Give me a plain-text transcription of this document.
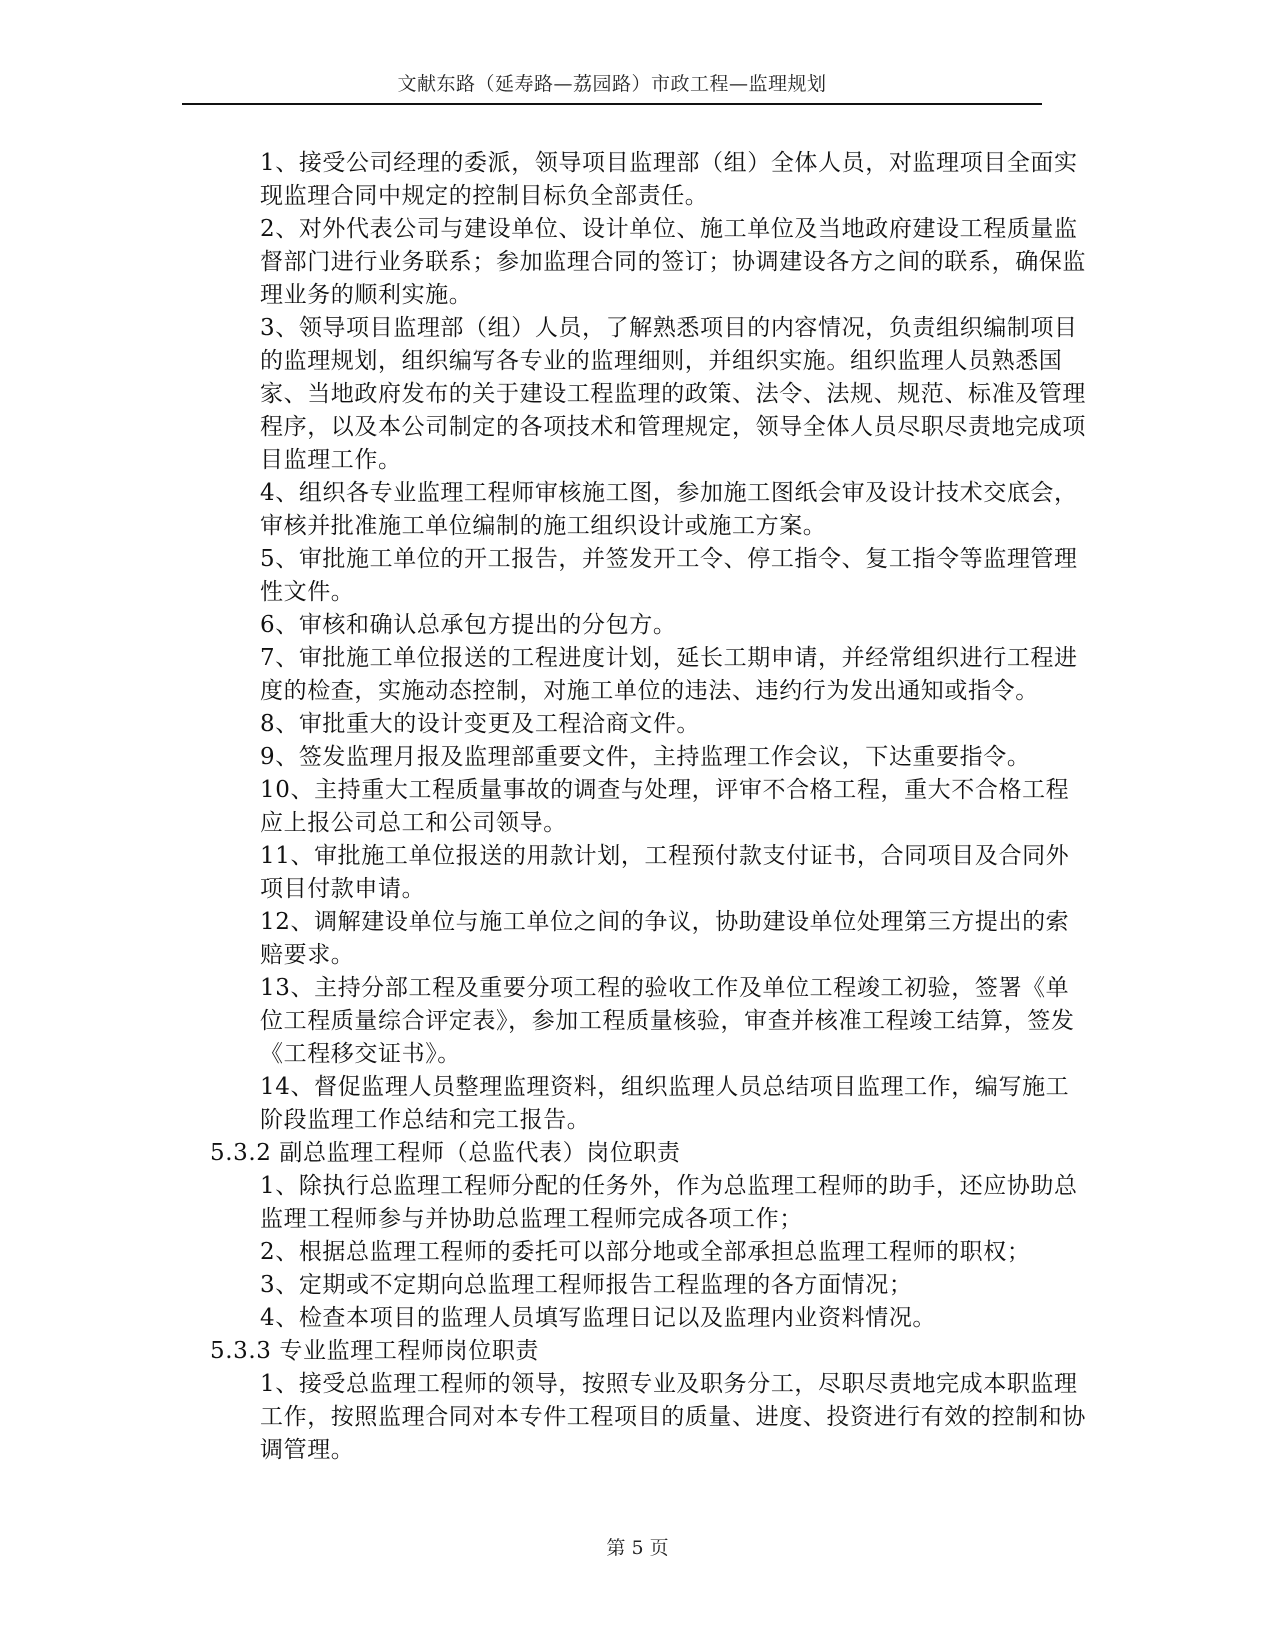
文献东路（延寿路—荔园路）市政工程—监理规划
1、接受公司经理的委派，领导项目监理部（组）全体人员，对监理项目全面实 现监理合同中规定的控制目标负全部责任。
2、对外代表公司与建设单位、设计单位、施工单位及当地政府建设工程质量监督部门进行业务联系；参加监理合同的签订；协调建设各方之间的联系，确保监理业务的顺利实施。
3、领导项目监理部（组）人员，了解熟悉项目的内容情况，负责组织编制项目的监理规划，组织编写各专业的监理细则，并组织实施。组织监理人员熟悉国家、当地政府发布的关于建设工程监理的政策、法令、法规、规范、标准及管理程序，以及本公司制定的各项技术和管理规定，领导全体人员尽职尽责地完成项目监理工作。
4、组织各专业监理工程师审核施工图，参加施工图纸会审及设计技术交底会，审核并批准施工单位编制的施工组织设计或施工方案。
5、审批施工单位的开工报告，并签发开工令、停工指令、复工指令等监理管理性文件。
6、审核和确认总承包方提出的分包方。
7、审批施工单位报送的工程进度计划，延长工期申请，并经常组织进行工程进度的检查，实施动态控制，对施工单位的违法、违约行为发出通知或指令。
8、审批重大的设计变更及工程洽商文件。
9、签发监理月报及监理部重要文件，主持监理工作会议，下达重要指令。
10、主持重大工程质量事故的调查与处理，评审不合格工程，重大不合格工程应上报公司总工和公司领导。
11、审批施工单位报送的用款计划，工程预付款支付证书，合同项目及合同外项目付款申请。
12、调解建设单位与施工单位之间的争议，协助建设单位处理第三方提出的索赔要求。
13、主持分部工程及重要分项工程的验收工作及单位工程竣工初验，签署《单位工程质量综合评定表》，参加工程质量核验，审查并核准工程竣工结算，签发《工程移交证书》。
14、督促监理人员整理监理资料，组织监理人员总结项目监理工作，编写施工阶段监理工作总结和完工报告。
5.3.2 副总监理工程师（总监代表）岗位职责
1、除执行总监理工程师分配的任务外，作为总监理工程师的助手，还应协助总监理工程师参与并协助总监理工程师完成各项工作；
2、根据总监理工程师的委托可以部分地或全部承担总监理工程师的职权；
3、定期或不定期向总监理工程师报告工程监理的各方面情况；
4、检查本项目的监理人员填写监理日记以及监理内业资料情况。
5.3.3 专业监理工程师岗位职责
1、接受总监理工程师的领导，按照专业及职务分工，尽职尽责地完成本职监理工作，按照监理合同对本专件工程项目的质量、进度、投资进行有效的控制和协调管理。
第 5 页
